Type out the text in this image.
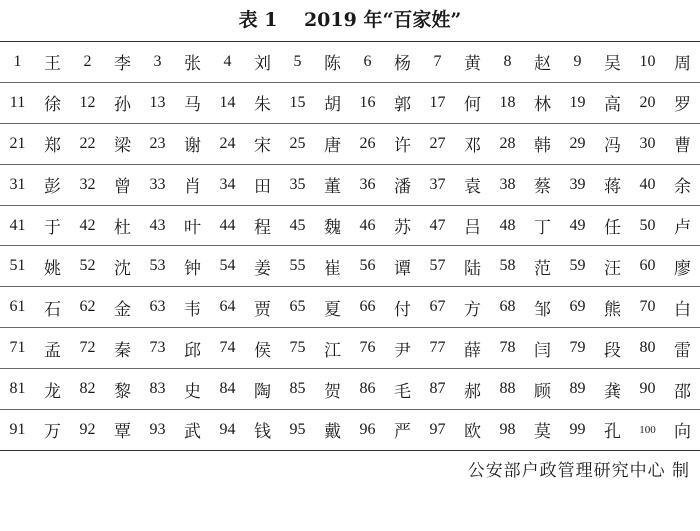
表 1    2019 年“百家姓”
1	王	2	李	3	张	4	刘	5	陈	6	杨	7	黄	8	赵	9	吴	10	周
11	徐	12	孙	13	马	14	朱	15	胡	16	郭	17	何	18	林	19	高	20	罗
21	郑	22	梁	23	谢	24	宋	25	唐	26	许	27	邓	28	韩	29	冯	30	曹
31	彭	32	曾	33	肖	34	田	35	董	36	潘	37	袁	38	蔡	39	蒋	40	余
41	于	42	杜	43	叶	44	程	45	魏	46	苏	47	吕	48	丁	49	任	50	卢
51	姚	52	沈	53	钟	54	姜	55	崔	56	谭	57	陆	58	范	59	汪	60	廖
61	石	62	金	63	韦	64	贾	65	夏	66	付	67	方	68	邹	69	熊	70	白
71	孟	72	秦	73	邱	74	侯	75	江	76	尹	77	薛	78	闫	79	段	80	雷
81	龙	82	黎	83	史	84	陶	85	贺	86	毛	87	郝	88	顾	89	龚	90	邵
91	万	92	覃	93	武	94	钱	95	戴	96	严	97	欧	98	莫	99	孔	100	向
公安部户政管理研究中心 制
